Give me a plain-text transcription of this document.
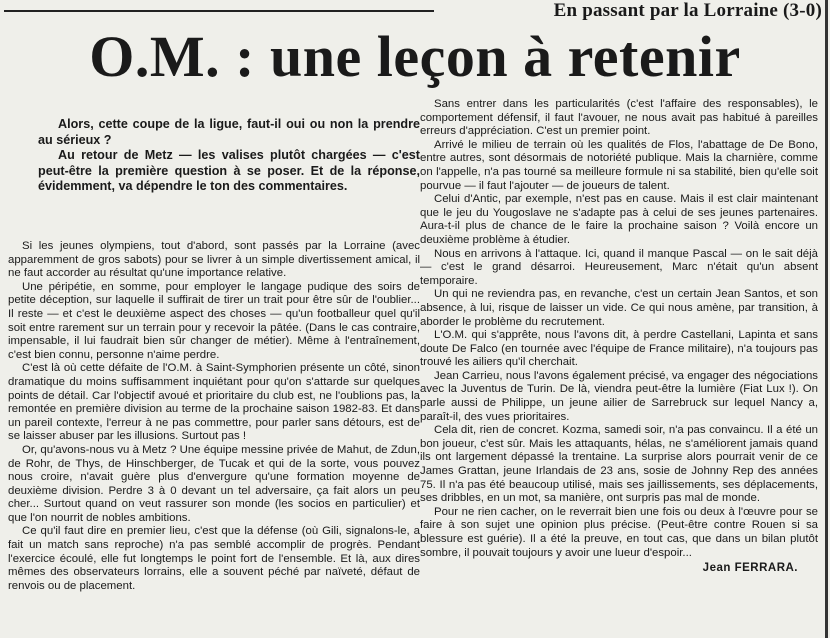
En passant par la Lorraine (3-0)
O.M. : une leçon à retenir

Alors, cette coupe de la ligue, faut-il oui ou non la prendre au sérieux ?

Au retour de Metz — les valises plutôt chargées — c'est peut-être la première question à se poser. Et de la réponse, évidemment, va dépendre le ton des commentaires.

Si les jeunes olympiens, tout d'abord, sont passés par la Lorraine (avec apparemment de gros sabots) pour se livrer à un simple divertissement amical, il ne faut accorder au résultat qu'une importance relative.

Une péripétie, en somme, pour employer le langage pudique des soirs de petite déception, sur laquelle il suffirait de tirer un trait pour être sûr de l'oublier... Il reste — et c'est le deuxième aspect des choses — qu'un footballeur quel qu'il soit entre rarement sur un terrain pour y recevoir la pâtée. (Dans le cas contraire, impensable, il lui faudrait bien sûr changer de métier). Même à l'entraînement, c'est bien connu, personne n'aime perdre.

C'est là où cette défaite de l'O.M. à Saint-Symphorien présente un côté, sinon dramatique du moins suffisamment inquiétant pour qu'on s'attarde sur quelques points de détail. Car l'objectif avoué et prioritaire du club est, ne l'oublions pas, la remontée en première division au terme de la prochaine saison 1982-83. Et dans un pareil contexte, l'erreur à ne pas commettre, pour parler sans détours, est de se laisser abuser par les illusions. Surtout pas !

Or, qu'avons-nous vu à Metz ? Une équipe messine privée de Mahut, de Zdun, de Rohr, de Thys, de Hinschberger, de Tucak et qui de la sorte, vous pouvez nous croire, n'avait guère plus d'envergure qu'une formation moyenne de deuxième division. Perdre 3 à 0 devant un tel adversaire, ça fait alors un peu cher... Surtout quand on veut rassurer son monde (les socios en particulier) et que l'on nourrit de nobles ambitions.

Ce qu'il faut dire en premier lieu, c'est que la défense (où Gili, signalons-le, a fait un match sans reproche) n'a pas semblé accomplir de progrès. Pendant l'exercice écoulé, elle fut longtemps le point fort de l'ensemble. Et là, aux dires mêmes des observateurs lorrains, elle a souvent péché par naïveté, défaut de renvois ou de placement.

Sans entrer dans les particularités (c'est l'affaire des responsables), le comportement défensif, il faut l'avouer, ne nous avait pas habitué à pareilles erreurs d'appréciation. C'est un premier point.

Arrivé le milieu de terrain où les qualités de Flos, l'abattage de De Bono, entre autres, sont désormais de notoriété publique. Mais la charnière, comme on l'appelle, n'a pas tourné sa meilleure formule ni sa stabilité, bien qu'elle soit pourvue — il faut l'ajouter — de joueurs de talent.

Celui d'Antic, par exemple, n'est pas en cause. Mais il est clair maintenant que le jeu du Yougoslave ne s'adapte pas à celui de ses jeunes partenaires. Aura-t-il plus de chance de le faire la prochaine saison ? Voilà encore un deuxième problème à étudier.

Nous en arrivons à l'attaque. Ici, quand il manque Pascal — on le sait déjà — c'est le grand désarroi. Heureusement, Marc n'était qu'un absent temporaire.

Un qui ne reviendra pas, en revanche, c'est un certain Jean Santos, et son absence, à lui, risque de laisser un vide. Ce qui nous amène, par transition, à aborder le problème du recrutement.

L'O.M. qui s'apprête, nous l'avons dit, à perdre Castellani, Lapinta et sans doute De Falco (en tournée avec l'équipe de France militaire), n'a toujours pas trouvé les ailiers qu'il cherchait.

Jean Carrieu, nous l'avons également précisé, va engager des négociations avec la Juventus de Turin. De là, viendra peut-être la lumière (Fiat Lux !). On parle aussi de Philippe, un jeune ailier de Sarrebruck sur lequel Nancy a, paraît-il, des vues prioritaires.

Cela dit, rien de concret. Kozma, samedi soir, n'a pas convaincu. Il a été un bon joueur, c'est sûr. Mais les attaquants, hélas, ne s'améliorent jamais quand ils ont largement dépassé la trentaine. La surprise alors pourrait venir de ce James Grattan, jeune Irlandais de 23 ans, sosie de Johnny Rep des années 75. Il n'a pas été beaucoup utilisé, mais ses jaillissements, ses déplacements, ses dribbles, en un mot, sa manière, ont surpris pas mal de monde.

Pour ne rien cacher, on le reverrait bien une fois ou deux à l'œuvre pour se faire à son sujet une opinion plus précise. (Peut-être contre Rouen si sa blessure est guérie). Il a été la preuve, en tout cas, que dans un bilan plutôt sombre, il pouvait toujours y avoir une lueur d'espoir...

Jean FERRARA.
